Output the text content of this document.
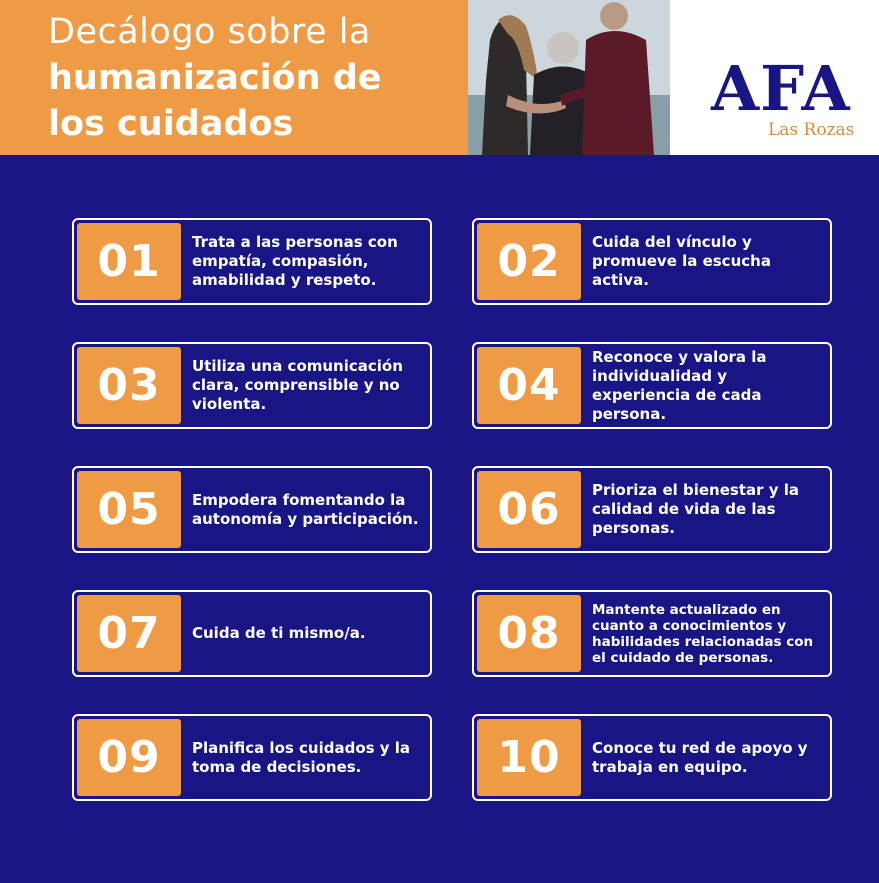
Decálogo sobre la
humanización de
los cuidados	AFA
Las Rozas
01	Trata a las personas con empatía, compasión, amabilidad y respeto.	02	Cuida del vínculo y promueve la escucha activa.
03	Utiliza una comunicación clara, comprensible y no violenta.	04
Reconoce y valora la individualidad y experiencia de cada persona.
05	Empodera fomentando la autonomía y participación.	06	Prioriza el bienestar y la calidad de vida de las personas.
07	Cuida de ti mismo/a.	08	Mantente actualizado en cuanto a conocimientos y habilidades relacionadas con el cuidado de personas.
09	Planifica los cuidados y la toma de decisiones.	10	Conoce tu red de apoyo y trabaja en equipo.
